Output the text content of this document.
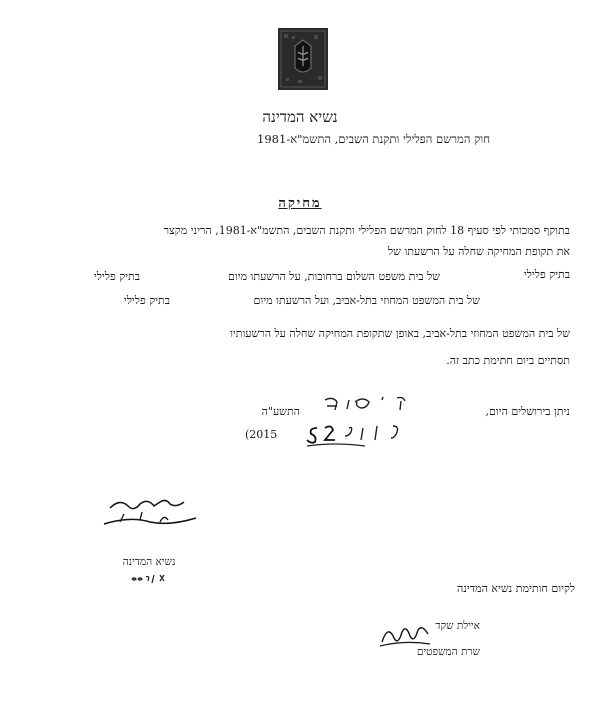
נשיא המדינה
חוק המרשם הפלילי ותקנת השבים, התשמ"א-1981
מחיקה
בתוקף סמכותי לפי סעיף 18 לחוק המרשם הפלילי ותקנת השבים, התשמ"א-1981, הריני מקצר
את תקופת המחיקה שחלה על הרשעתו של
בתיק פלילי
של בית משפט השלום ברחובות, על הרשעתו מיום
בתיק פלילי
של בית המשפט המחוזי בתל-אביב, ועל הרשעתו מיום
בתיק פלילי
של בית המשפט המחוזי בתל-אביב, באופן שתקופת המחיקה שחלה על הרשעותיו
תסתיים ביום חתימת כתב זה.
ניתן בירושלים היום,
התשע"ה
(2015
נשיא המדינה
לקיום חותימת נשיא המדינה
איילת שקד
שרת המשפטים
